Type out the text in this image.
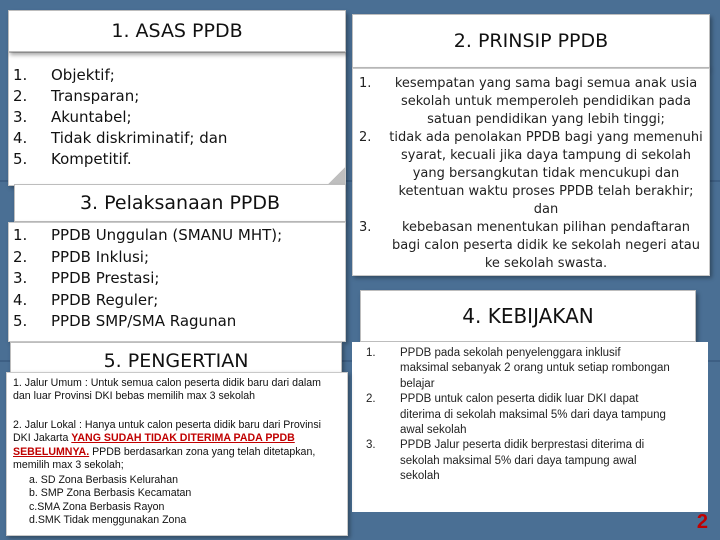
1.	Objektif;
2.	Transparan;
3.	Akuntabel;
4.	Tidak diskriminatif; dan
5.	Kompetitif.
1. ASAS PPDB	2. PRINSIP PPDB
1.	kesempatan yang sama bagi semua anak usia sekolah untuk memperoleh pendidikan pada satuan pendidikan yang lebih tinggi;
2.	tidak ada penolakan PPDB bagi yang memenuhi syarat, kecuali jika daya tampung di sekolah yang bersangkutan tidak mencukupi dan ketentuan waktu proses PPDB telah berakhir; dan
3.	kebebasan menentukan pilihan pendaftaran bagi calon peserta didik ke sekolah negeri atau ke sekolah swasta.
3. Pelaksanaan PPDB
1.	PPDB Unggulan (SMANU MHT);
2.	PPDB Inklusi;
3.	PPDB Prestasi;
4.	PPDB Reguler;
5.	PPDB SMP/SMA Ragunan	4. KEBIJAKAN
1.	PPDB pada sekolah penyelenggara inklusif maksimal sebanyak 2 orang untuk setiap rombongan belajar
2.	PPDB untuk calon peserta didik luar DKI dapat diterima di sekolah maksimal 5% dari daya tampung awal sekolah
3.	PPDB Jalur peserta didik berprestasi diterima di sekolah maksimal 5% dari daya tampung awal sekolah
5. PENGERTIAN
1. Jalur Umum : Untuk semua calon peserta didik baru dari dalam dan luar Provinsi DKI bebas memilih max 3 sekolah
2. Jalur Lokal : Hanya untuk calon peserta didik baru dari Provinsi DKI Jakarta YANG SUDAH TIDAK DITERIMA PADA PPDB SEBELUMNYA. PPDB berdasarkan zona yang telah ditetapkan, memilih max 3 sekolah;
a. SD Zona Berbasis Kelurahan
b. SMP Zona Berbasis Kecamatan
c.SMA Zona Berbasis Rayon
d.SMK Tidak menggunakan Zona	2
